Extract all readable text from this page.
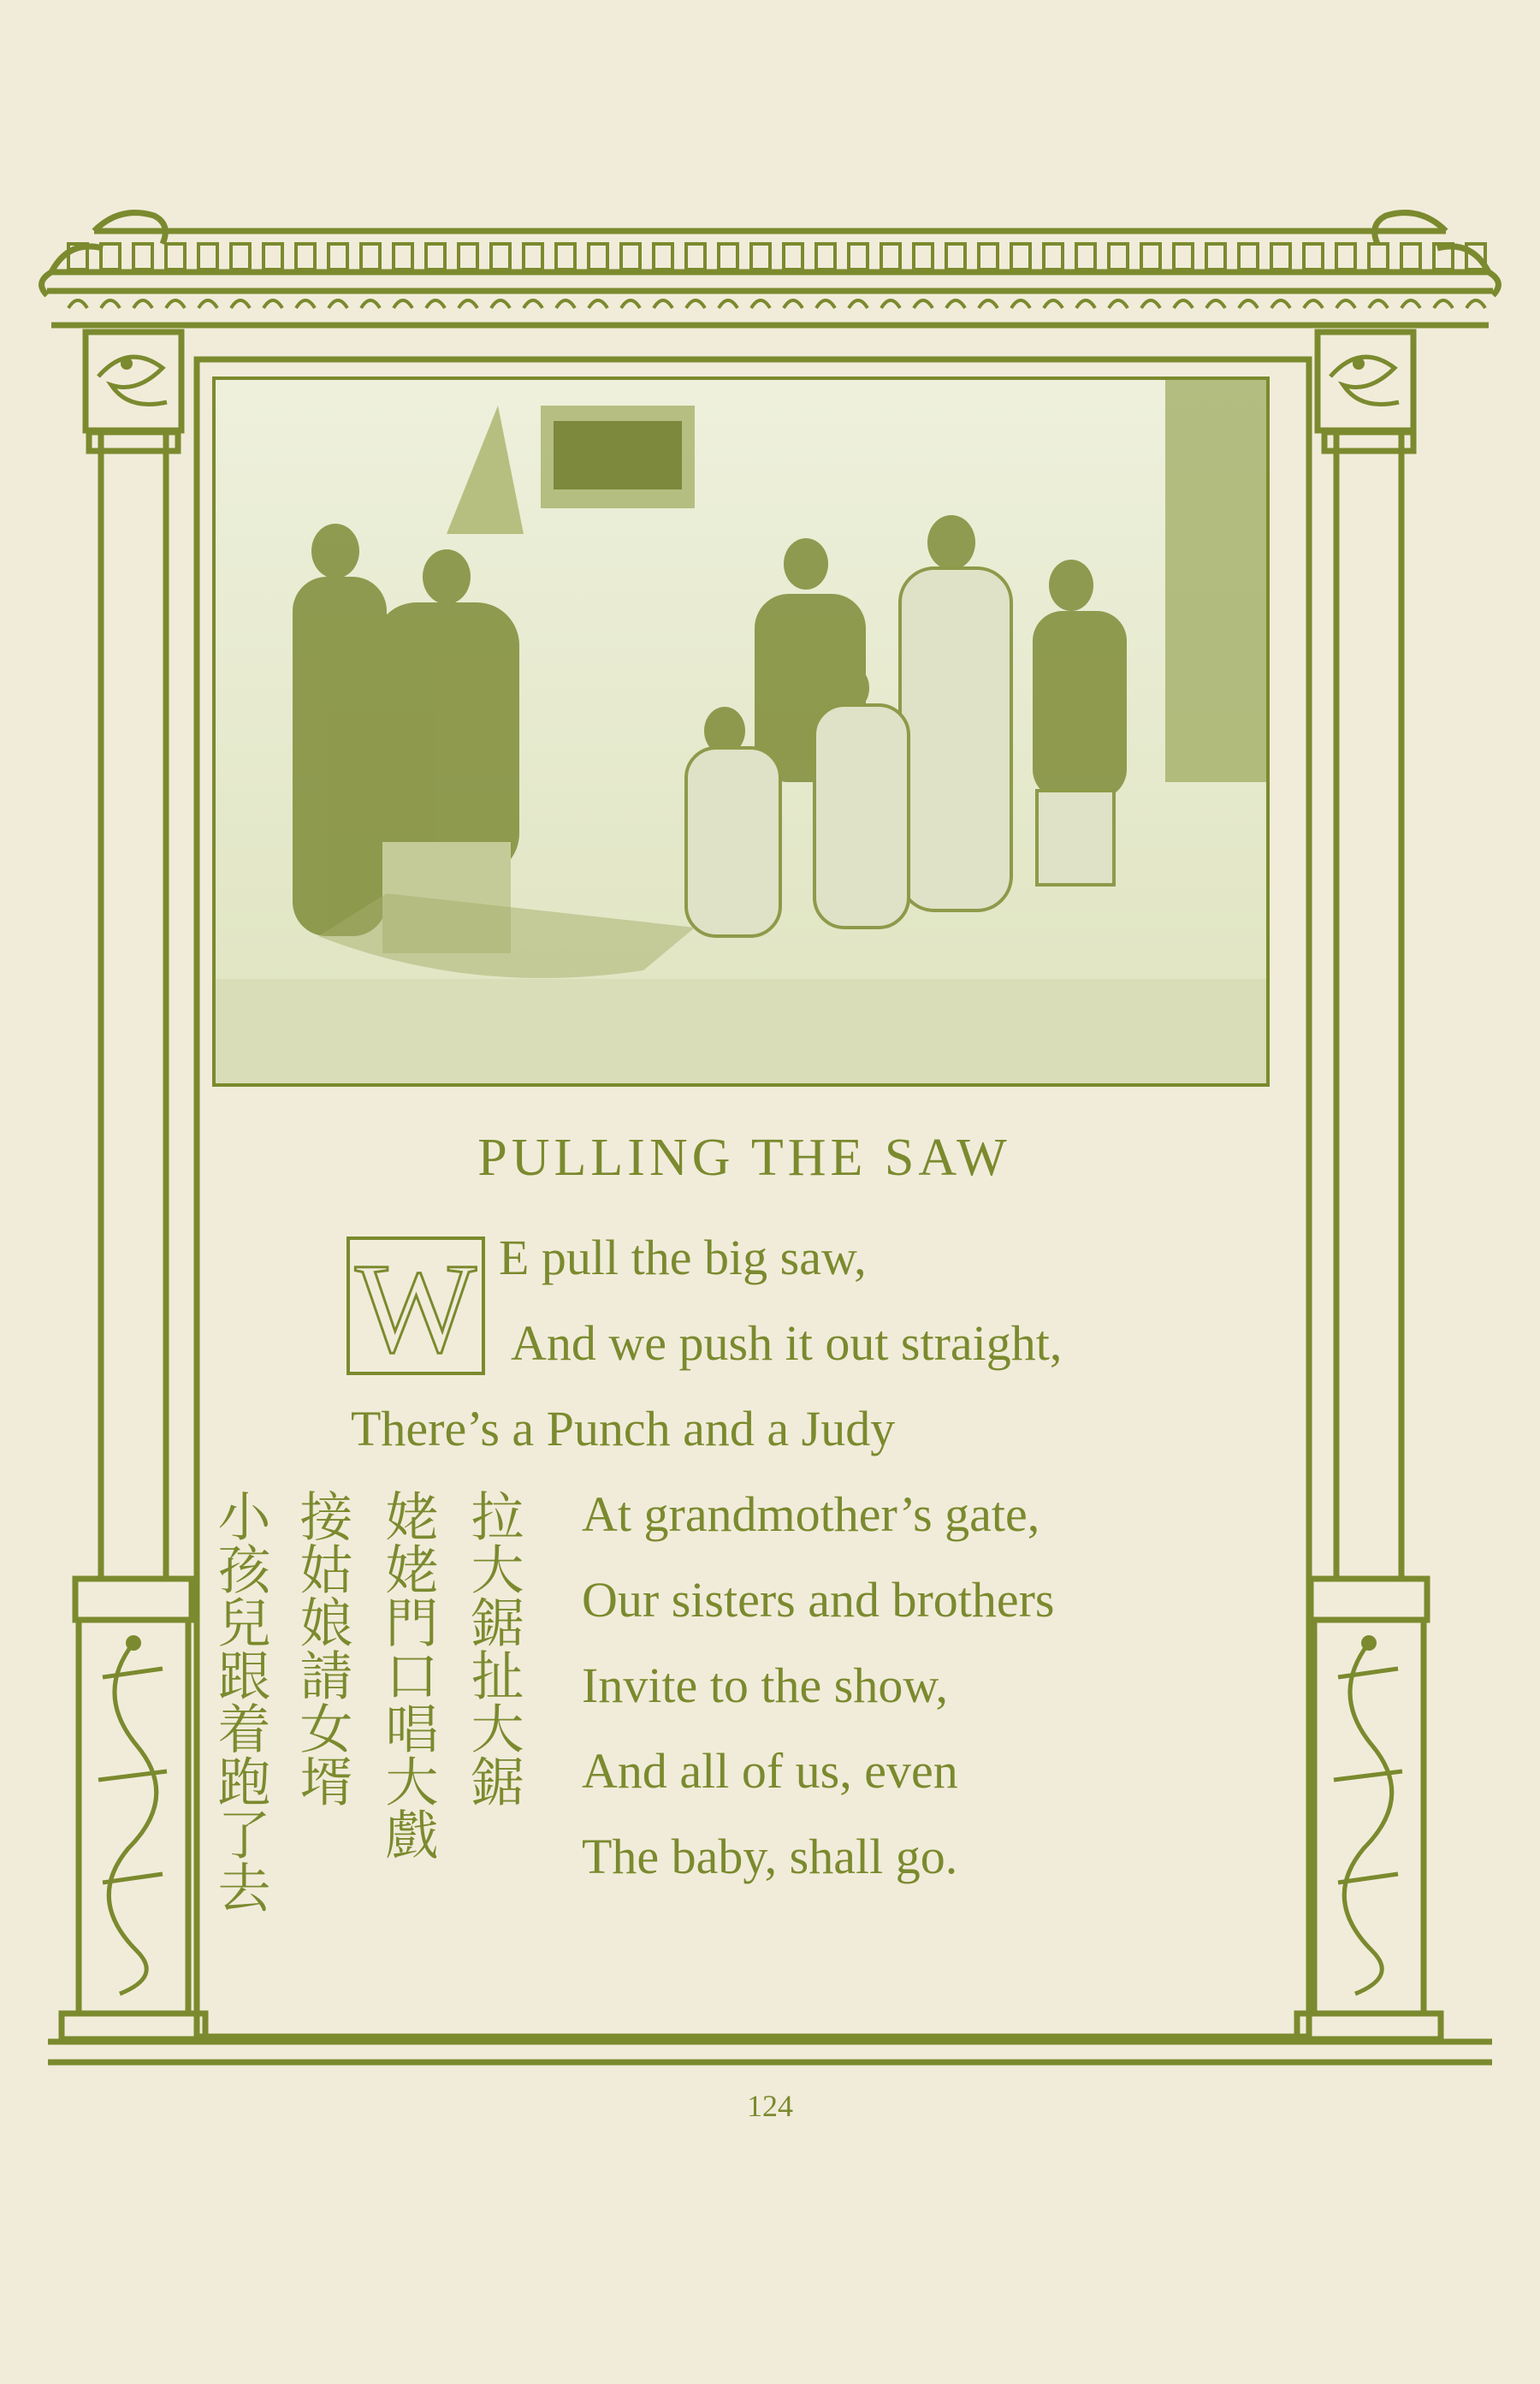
PULLING THE SAW
W E pull the big saw,
And we push it out straight,
There’s a Punch and a Judy
At grandmother’s gate,
Our sisters and brothers
Invite to the show,
And all of us, even
The baby, shall go.
拉大鋸扯大鋸
姥姥門口唱大戲
接姑娘請女壻
小孩兒跟着跑了去
124
